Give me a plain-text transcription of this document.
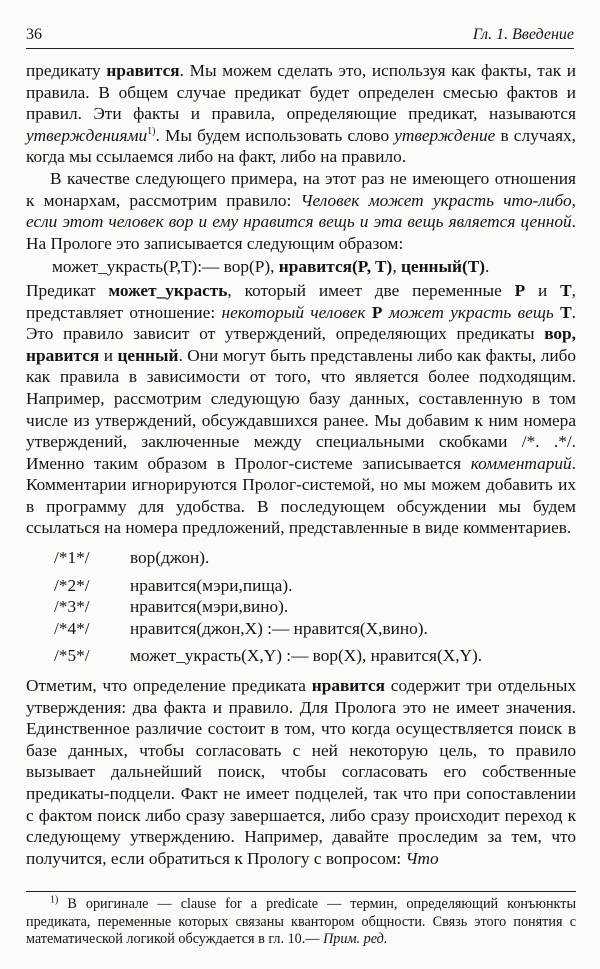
36	Гл. 1. Введение

предикату нравится. Мы можем сделать это, используя как факты, так и правила. В общем случае предикат будет определен смесью фактов и правил. Эти факты и правила, определяющие предикат, называются утверждениями$^{1)}$. Мы будем использовать слово утверждение в случаях, когда мы ссылаемся либо на факт, либо на правило.

В качестве следующего примера, на этот раз не имеющего отношения к монархам, рассмотрим правило: Человек может украсть что-либо, если этот человек вор и ему нравится вещь и эта вещь является ценной. На Прологе это записывается следующим образом:

может_украсть(P,T):— вор(P), нравится(P, T), ценный(T).

Предикат может_украсть, который имеет две переменные P и T, представляет отношение: некоторый человек P может украсть вещь T. Это правило зависит от утверждений, определяющих предикаты вор, нравится и ценный. Они могут быть представлены либо как факты, либо как правила в зависимости от того, что является более подходящим. Например, рассмотрим следующую базу данных, составленную в том числе из утверждений, обсуждавшихся ранее. Мы добавим к ним номера утверждений, заключенные между специальными скобками /*. .*/. Именно таким образом в Пролог-системе записывается комментарий. Комментарии игнорируются Пролог-системой, но мы можем добавить их в программу для удобства. В последующем обсуждении мы будем ссылаться на номера предложений, представленные в виде комментариев.

/*1*/	вор(джон).
/*2*/	нравится(мэри,пища).
/*3*/	нравится(мэри,вино).
/*4*/	нравится(джон,X) :— нравится(X,вино).
/*5*/	может_украсть(X,Y) :— вор(X), нравится(X,Y).

Отметим, что определение предиката нравится содержит три отдельных утверждения: два факта и правило. Для Пролога это не имеет значения. Единственное различие состоит в том, что когда осуществляется поиск в базе данных, чтобы согласовать с ней некоторую цель, то правило вызывает дальнейший поиск, чтобы согласовать его собственные предикаты-подцели. Факт не имеет подцелей, так что при сопоставлении с фактом поиск либо сразу завершается, либо сразу происходит переход к следующему утверждению. Например, давайте проследим за тем, что получится, если обратиться к Прологу с вопросом: Что

$^{1)}$ В оригинале — clause for a predicate — термин, определяющий конъюнкты предиката, переменные которых связаны квантором общности. Связь этого понятия с математической логикой обсуждается в гл. 10.— Прим. ред.
